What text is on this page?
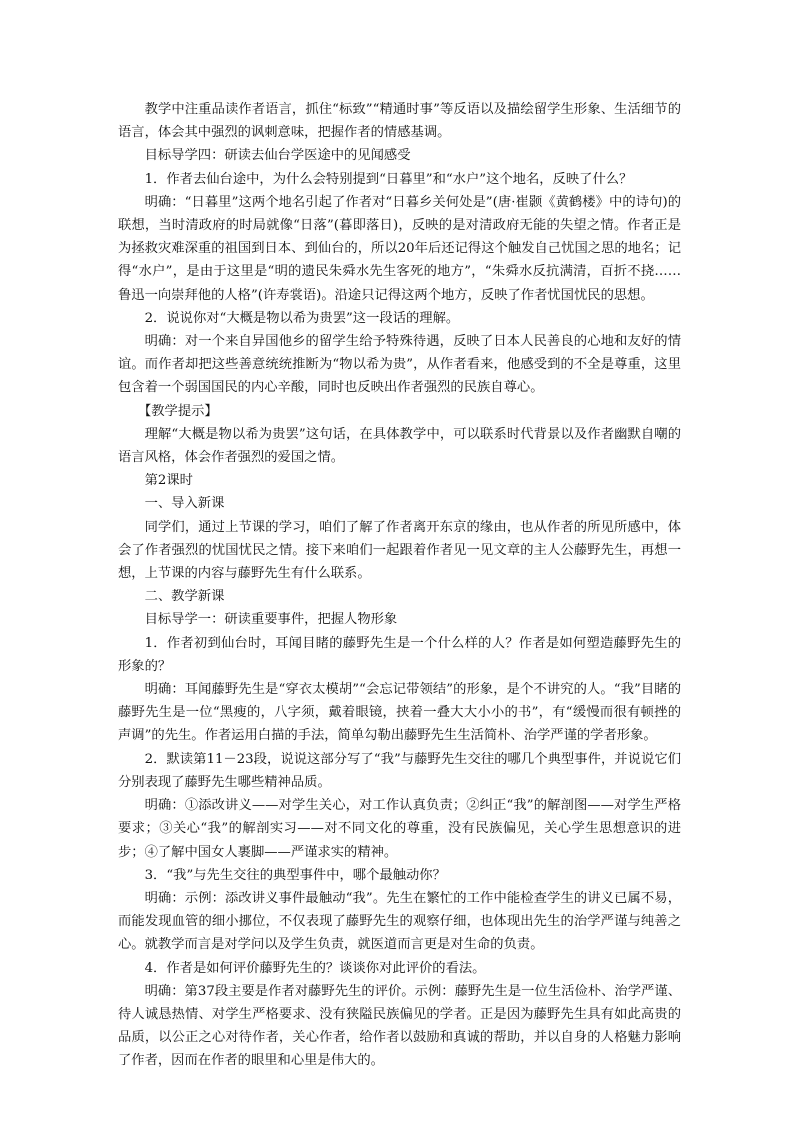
教学中注重品读作者语言，抓住“标致”“精通时事”等反语以及描绘留学生形象、生活细节的语言，体会其中强烈的讽刺意味，把握作者的情感基调。

目标导学四：研读去仙台学医途中的见闻感受

1．作者去仙台途中，为什么会特别提到“日暮里”和“水户”这个地名，反映了什么？

明确：“日暮里”这两个地名引起了作者对“日暮乡关何处是”(唐·崔颢《黄鹤楼》中的诗句)的联想，当时清政府的时局就像“日落”(暮即落日)，反映的是对清政府无能的失望之情。作者正是为拯救灾难深重的祖国到日本、到仙台的，所以20年后还记得这个触发自己忧国之思的地名；记得“水户”，是由于这里是“明的遗民朱舜水先生客死的地方”，“朱舜水反抗满清，百折不挠……鲁迅一向崇拜他的人格”(许寿裳语)。沿途只记得这两个地方，反映了作者忧国忧民的思想。

2．说说你对“大概是物以希为贵罢”这一段话的理解。

明确：对一个来自异国他乡的留学生给予特殊待遇，反映了日本人民善良的心地和友好的情谊。而作者却把这些善意统统推断为“物以希为贵”，从作者看来，他感受到的不全是尊重，这里包含着一个弱国国民的内心辛酸，同时也反映出作者强烈的民族自尊心。

【教学提示】

理解“大概是物以希为贵罢”这句话，在具体教学中，可以联系时代背景以及作者幽默自嘲的语言风格，体会作者强烈的爱国之情。

第2课时

一、导入新课

同学们，通过上节课的学习，咱们了解了作者离开东京的缘由，也从作者的所见所感中，体会了作者强烈的忧国忧民之情。接下来咱们一起跟着作者见一见文章的主人公藤野先生，再想一想，上节课的内容与藤野先生有什么联系。

二、教学新课

目标导学一：研读重要事件，把握人物形象

1．作者初到仙台时，耳闻目睹的藤野先生是一个什么样的人？作者是如何塑造藤野先生的形象的？

明确：耳闻藤野先生是“穿衣太模胡”“会忘记带领结”的形象，是个不讲究的人。“我”目睹的藤野先生是一位“黑瘦的，八字须，戴着眼镜，挟着一叠大大小小的书”，有“缓慢而很有顿挫的声调”的先生。作者运用白描的手法，简单勾勒出藤野先生生活简朴、治学严谨的学者形象。

2．默读第11－23段，说说这部分写了“我”与藤野先生交往的哪几个典型事件，并说说它们分别表现了藤野先生哪些精神品质。

明确：①添改讲义——对学生关心，对工作认真负责；②纠正“我”的解剖图——对学生严格要求；③关心“我”的解剖实习——对不同文化的尊重，没有民族偏见，关心学生思想意识的进步；④了解中国女人裹脚——严谨求实的精神。

3．“我”与先生交往的典型事件中，哪个最触动你？

明确：示例：添改讲义事件最触动“我”。先生在繁忙的工作中能检查学生的讲义已属不易，而能发现血管的细小挪位，不仅表现了藤野先生的观察仔细，也体现出先生的治学严谨与纯善之心。就教学而言是对学问以及学生负责，就医道而言更是对生命的负责。

4．作者是如何评价藤野先生的？谈谈你对此评价的看法。

明确：第37段主要是作者对藤野先生的评价。示例：藤野先生是一位生活俭朴、治学严谨、待人诚恳热情、对学生严格要求、没有狭隘民族偏见的学者。正是因为藤野先生具有如此高贵的品质，以公正之心对待作者，关心作者，给作者以鼓励和真诚的帮助，并以自身的人格魅力影响了作者，因而在作者的眼里和心里是伟大的。
